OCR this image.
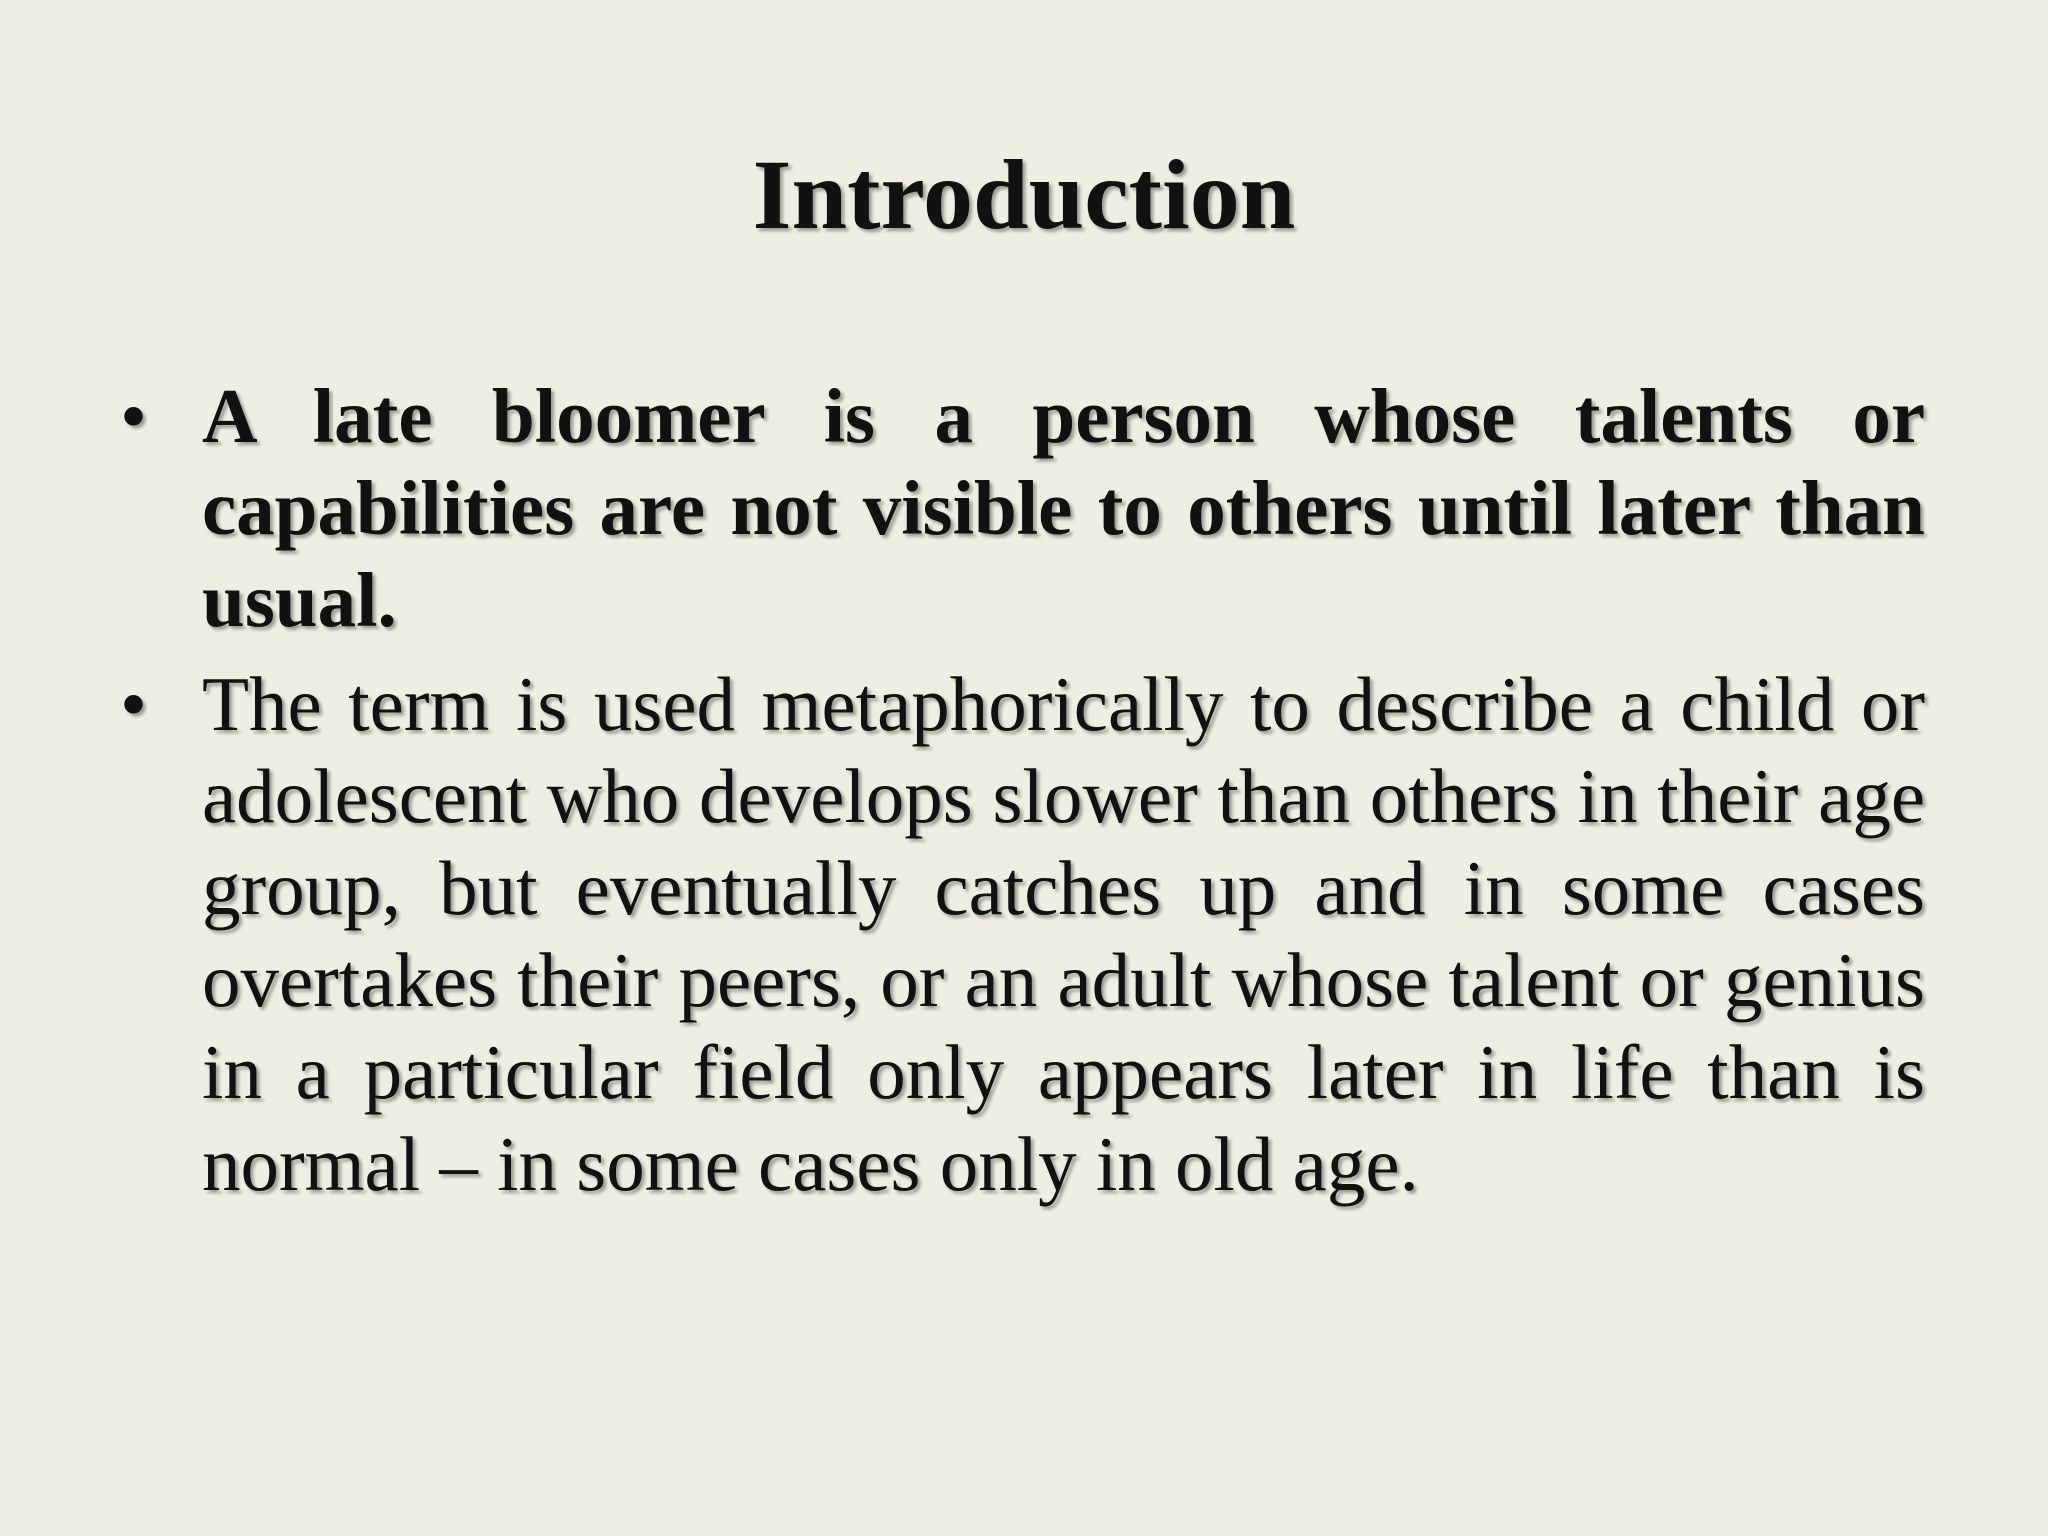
Introduction
• A late bloomer is a person whose talents or capabilities are not visible to others until later than usual.
• The term is used metaphorically to describe a child or adolescent who develops slower than others in their age group, but eventually catches up and in some cases overtakes their peers, or an adult whose talent or genius in a particular field only appears later in life than is normal – in some cases only in old age.
